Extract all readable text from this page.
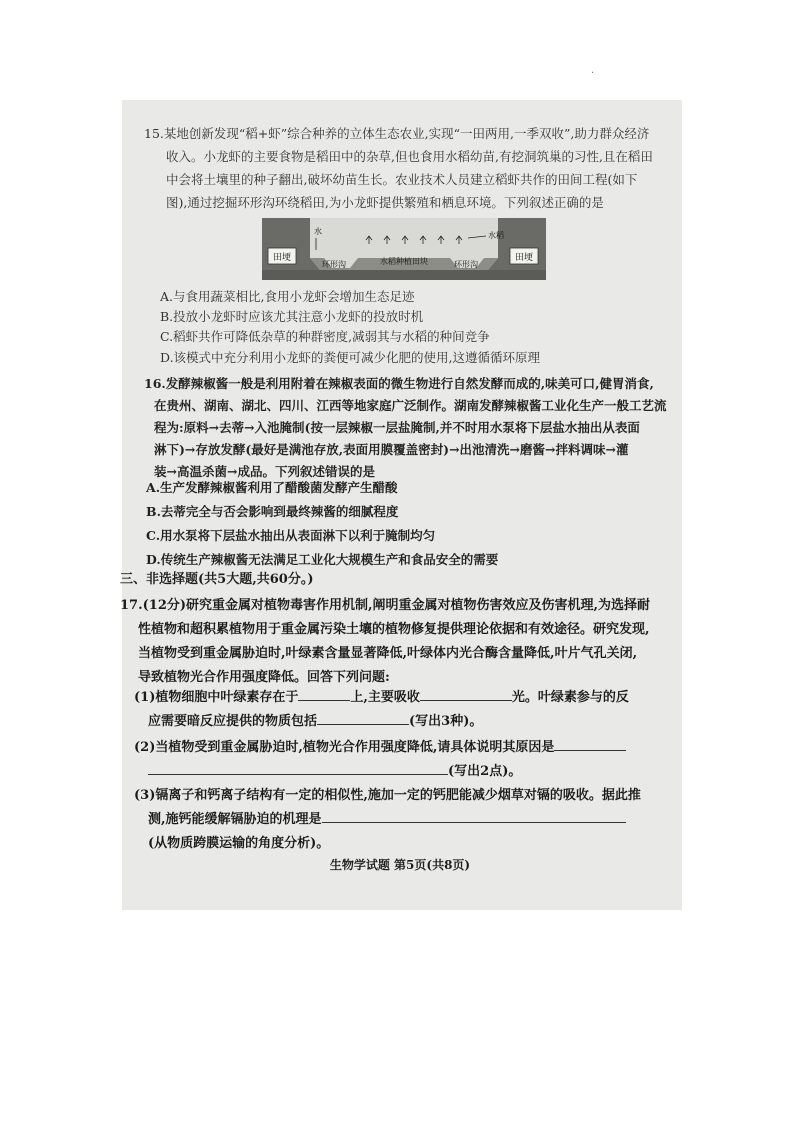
·
15.某地创新发现“稻+虾”综合种养的立体生态农业,实现“一田两用,一季双收”,助力群众经济
收入。小龙虾的主要食物是稻田中的杂草,但也食用水稻幼苗,有挖洞筑巢的习性,且在稻田
中会将土壤里的种子翻出,破坏幼苗生长。农业技术人员建立稻虾共作的田间工程(如下
图),通过挖掘环形沟环绕稻田,为小龙虾提供繁殖和栖息环境。下列叙述正确的是
田埂	田埂
水	水稻
环形沟	环形沟
水稻种植田块
A.与食用蔬菜相比,食用小龙虾会增加生态足迹
B.投放小龙虾时应该尤其注意小龙虾的投放时机
C.稻虾共作可降低杂草的种群密度,减弱其与水稻的种间竞争
D.该模式中充分利用小龙虾的粪便可减少化肥的使用,这遵循循环原理
16.发酵辣椒酱一般是利用附着在辣椒表面的微生物进行自然发酵而成的,味美可口,健胃消食,
在贵州、湖南、湖北、四川、江西等地家庭广泛制作。湖南发酵辣椒酱工业化生产一般工艺流
程为:原料→去蒂→入池腌制(按一层辣椒一层盐腌制,并不时用水泵将下层盐水抽出从表面
淋下)→存放发酵(最好是满池存放,表面用膜覆盖密封)→出池清洗→磨酱→拌料调味→灌
装→高温杀菌→成品。下列叙述错误的是
A.生产发酵辣椒酱利用了醋酸菌发酵产生醋酸
B.去蒂完全与否会影响到最终辣酱的细腻程度
C.用水泵将下层盐水抽出从表面淋下以利于腌制均匀
D.传统生产辣椒酱无法满足工业化大规模生产和食品安全的需要
三、非选择题(共5大题,共60分。)
17.(12分)研究重金属对植物毒害作用机制,阐明重金属对植物伤害效应及伤害机理,为选择耐
性植物和超积累植物用于重金属污染土壤的植物修复提供理论依据和有效途径。研究发现,
当植物受到重金属胁迫时,叶绿素含量显著降低,叶绿体内光合酶含量降低,叶片气孔关闭,
导致植物光合作用强度降低。回答下列问题:
(1)植物细胞中叶绿素存在于	上,主要吸收	光。叶绿素参与的反
应需要暗反应提供的物质包括	(写出3种)。
(2)当植物受到重金属胁迫时,植物光合作用强度降低,请具体说明其原因是
(写出2点)。
(3)镉离子和钙离子结构有一定的相似性,施加一定的钙肥能减少烟草对镉的吸收。据此推
测,施钙能缓解镉胁迫的机理是
(从物质跨膜运输的角度分析)。
生物学试题 第5页(共8页)
